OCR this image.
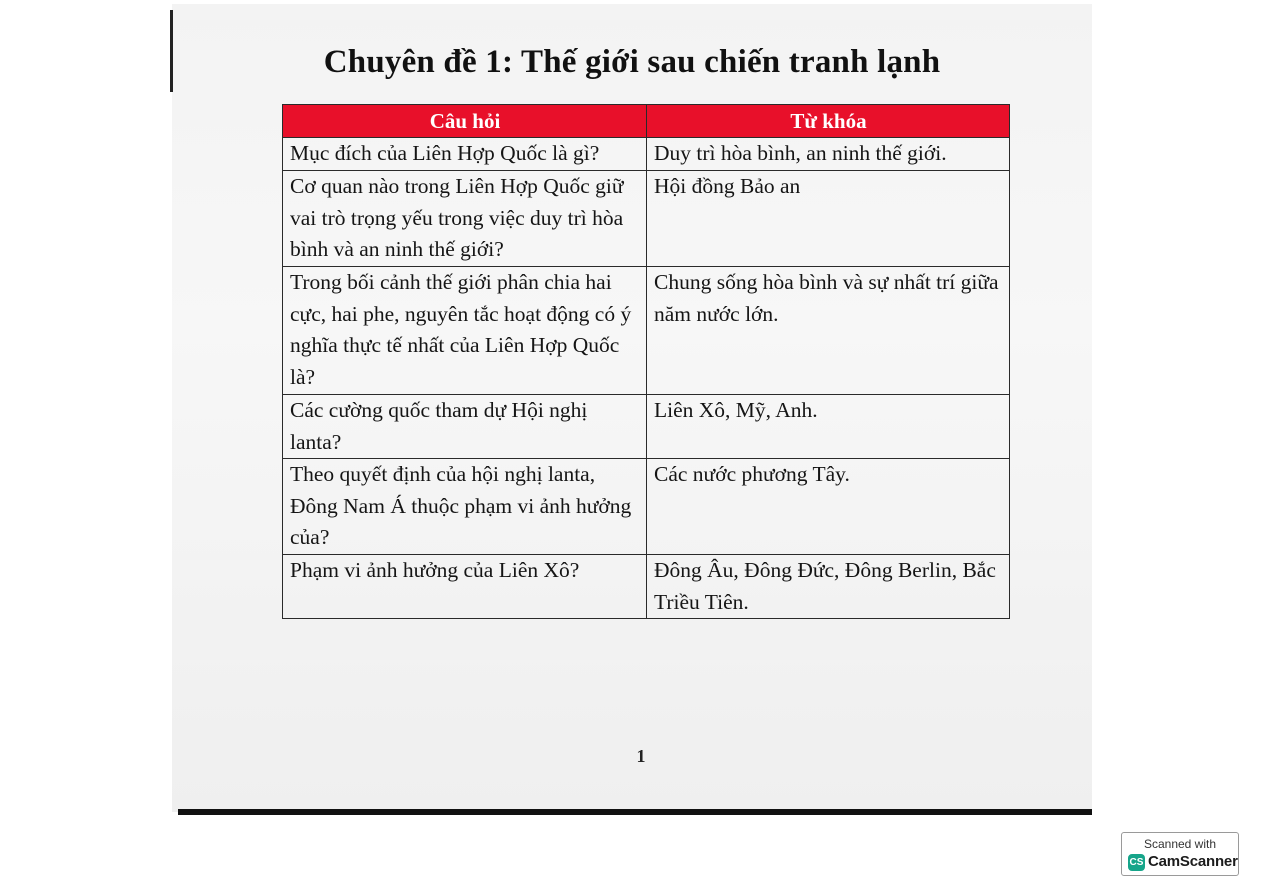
Chuyên đề 1: Thế giới sau chiến tranh lạnh
Câu hỏi	Từ khóa
Mục đích của Liên Hợp Quốc là gì?	Duy trì hòa bình, an ninh thế giới.
Cơ quan nào trong Liên Hợp Quốc giữ vai trò trọng yếu trong việc duy trì hòa bình và an ninh thế giới?	Hội đồng Bảo an
Trong bối cảnh thế giới phân chia hai cực, hai phe, nguyên tắc hoạt động có ý nghĩa thực tế nhất của Liên Hợp Quốc là?	Chung sống hòa bình và sự nhất trí giữa năm nước lớn.
Các cường quốc tham dự Hội nghị lanta?	Liên Xô, Mỹ, Anh.
Theo quyết định của hội nghị lanta, Đông Nam Á thuộc phạm vi ảnh hưởng của?	Các nước phương Tây.
Phạm vi ảnh hưởng của Liên Xô?	Đông Âu, Đông Đức, Đông Berlin, Bắc Triều Tiên.
1
Scanned with
CS CamScanner
